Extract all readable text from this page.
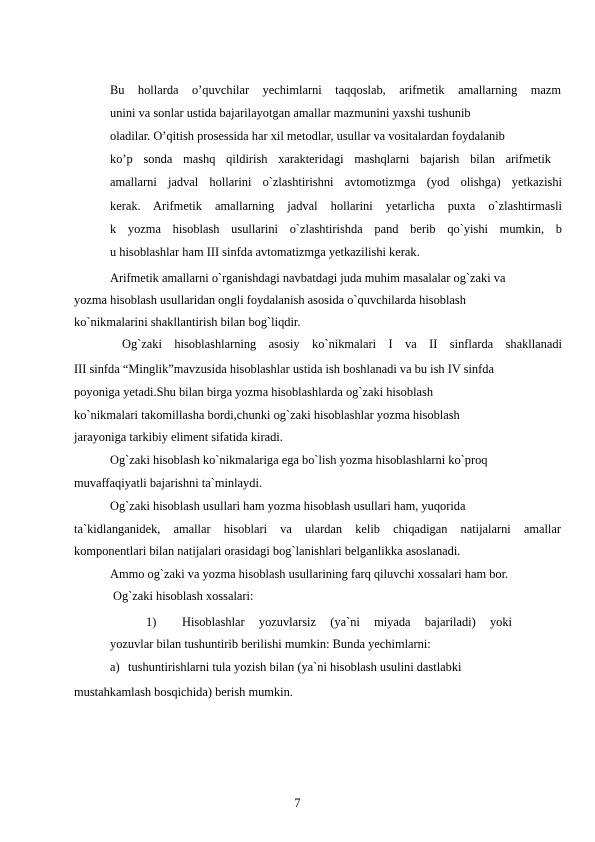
Bu hollarda o’quvchilar yechimlarni taqqoslab, arifmetik amallarning mazm
unini va sonlar ustida bajarilayotgan amallar mazmunini yaxshi tushunib
oladilar. O’qitish prosessida har xil metodlar, usullar va vositalardan foydalanib
ko’p sonda mashq qildirish xarakteridagi mashqlarni bajarish bilan arifmetik
amallarni jadval hollarini o`zlashtirishni avtomotizmga (yod olishga) yetkazishi
kerak. Arifmetik amallarning jadval hollarini yetarlicha puxta o`zlashtirmasli
k yozma hisoblash usullarini o`zlashtirishda pand berib qo`yishi mumkin, b
u hisoblashlar ham III sinfda avtomatizmga yetkazilishi kerak.
Arifmetik amallarni o`rganishdagi navbatdagi juda muhim masalalar og`zaki va
yozma hisoblash usullaridan ongli foydalanish asosida o`quvchilarda hisoblash
ko`nikmalarini shakllantirish bilan bog`liqdir.
Og`zaki hisoblashlarning asosiy ko`nikmalari I va II sinflarda shakllanadi
III sinfda “Minglik”mavzusida hisoblashlar ustida ish boshlanadi va bu ish IV sinfda
poyoniga yetadi.Shu bilan birga yozma hisoblashlarda og`zaki hisoblash
ko`nikmalari takomillasha bordi,chunki og`zaki hisoblashlar yozma hisoblash
jarayoniga tarkibiy eliment sifatida kiradi.
Og`zaki hisoblash ko`nikmalariga ega bo`lish yozma hisoblashlarni ko`proq
muvaffaqiyatli bajarishni ta`minlaydi.
Og`zaki hisoblash usullari ham yozma hisoblash usullari ham, yuqorida
ta`kidlanganidek, amallar hisoblari va ulardan kelib chiqadigan natijalarni amallar
komponentlari bilan natijalari orasidagi bog`lanishlari belganlikka asoslanadi.
Ammo og`zaki va yozma hisoblash usullarining farq qiluvchi xossalari ham bor.
Og`zaki hisoblash xossalari:
1) Hisoblashlar yozuvlarsiz (ya`ni miyada bajariladi) yoki
yozuvlar bilan tushuntirib berilishi mumkin: Bunda yechimlarni:
a) tushuntirishlarni tula yozish bilan (ya`ni hisoblash usulini dastlabki
mustahkamlash bosqichida) berish mumkin.
7
